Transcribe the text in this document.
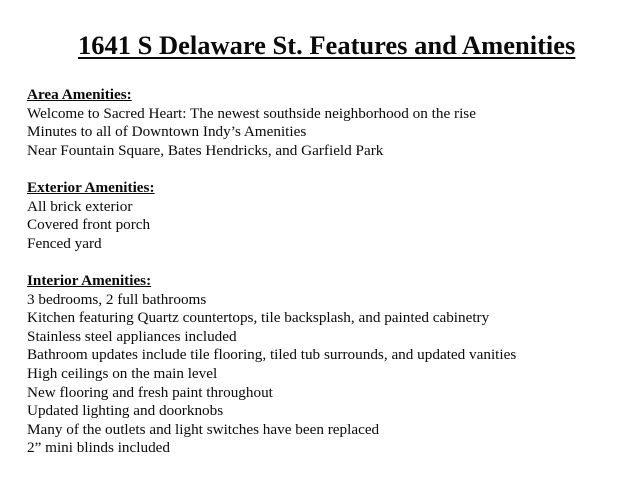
1641 S Delaware St. Features and Amenities

Area Amenities:

Welcome to Sacred Heart: The newest southside neighborhood on the rise
Minutes to all of Downtown Indy’s Amenities
Near Fountain Square, Bates Hendricks, and Garfield Park

Exterior Amenities:

All brick exterior
Covered front porch
Fenced yard

Interior Amenities:

3 bedrooms, 2 full bathrooms
Kitchen featuring Quartz countertops, tile backsplash, and painted cabinetry
Stainless steel appliances included
Bathroom updates include tile flooring, tiled tub surrounds, and updated vanities
High ceilings on the main level
New flooring and fresh paint throughout
Updated lighting and doorknobs
Many of the outlets and light switches have been replaced
2” mini blinds included
